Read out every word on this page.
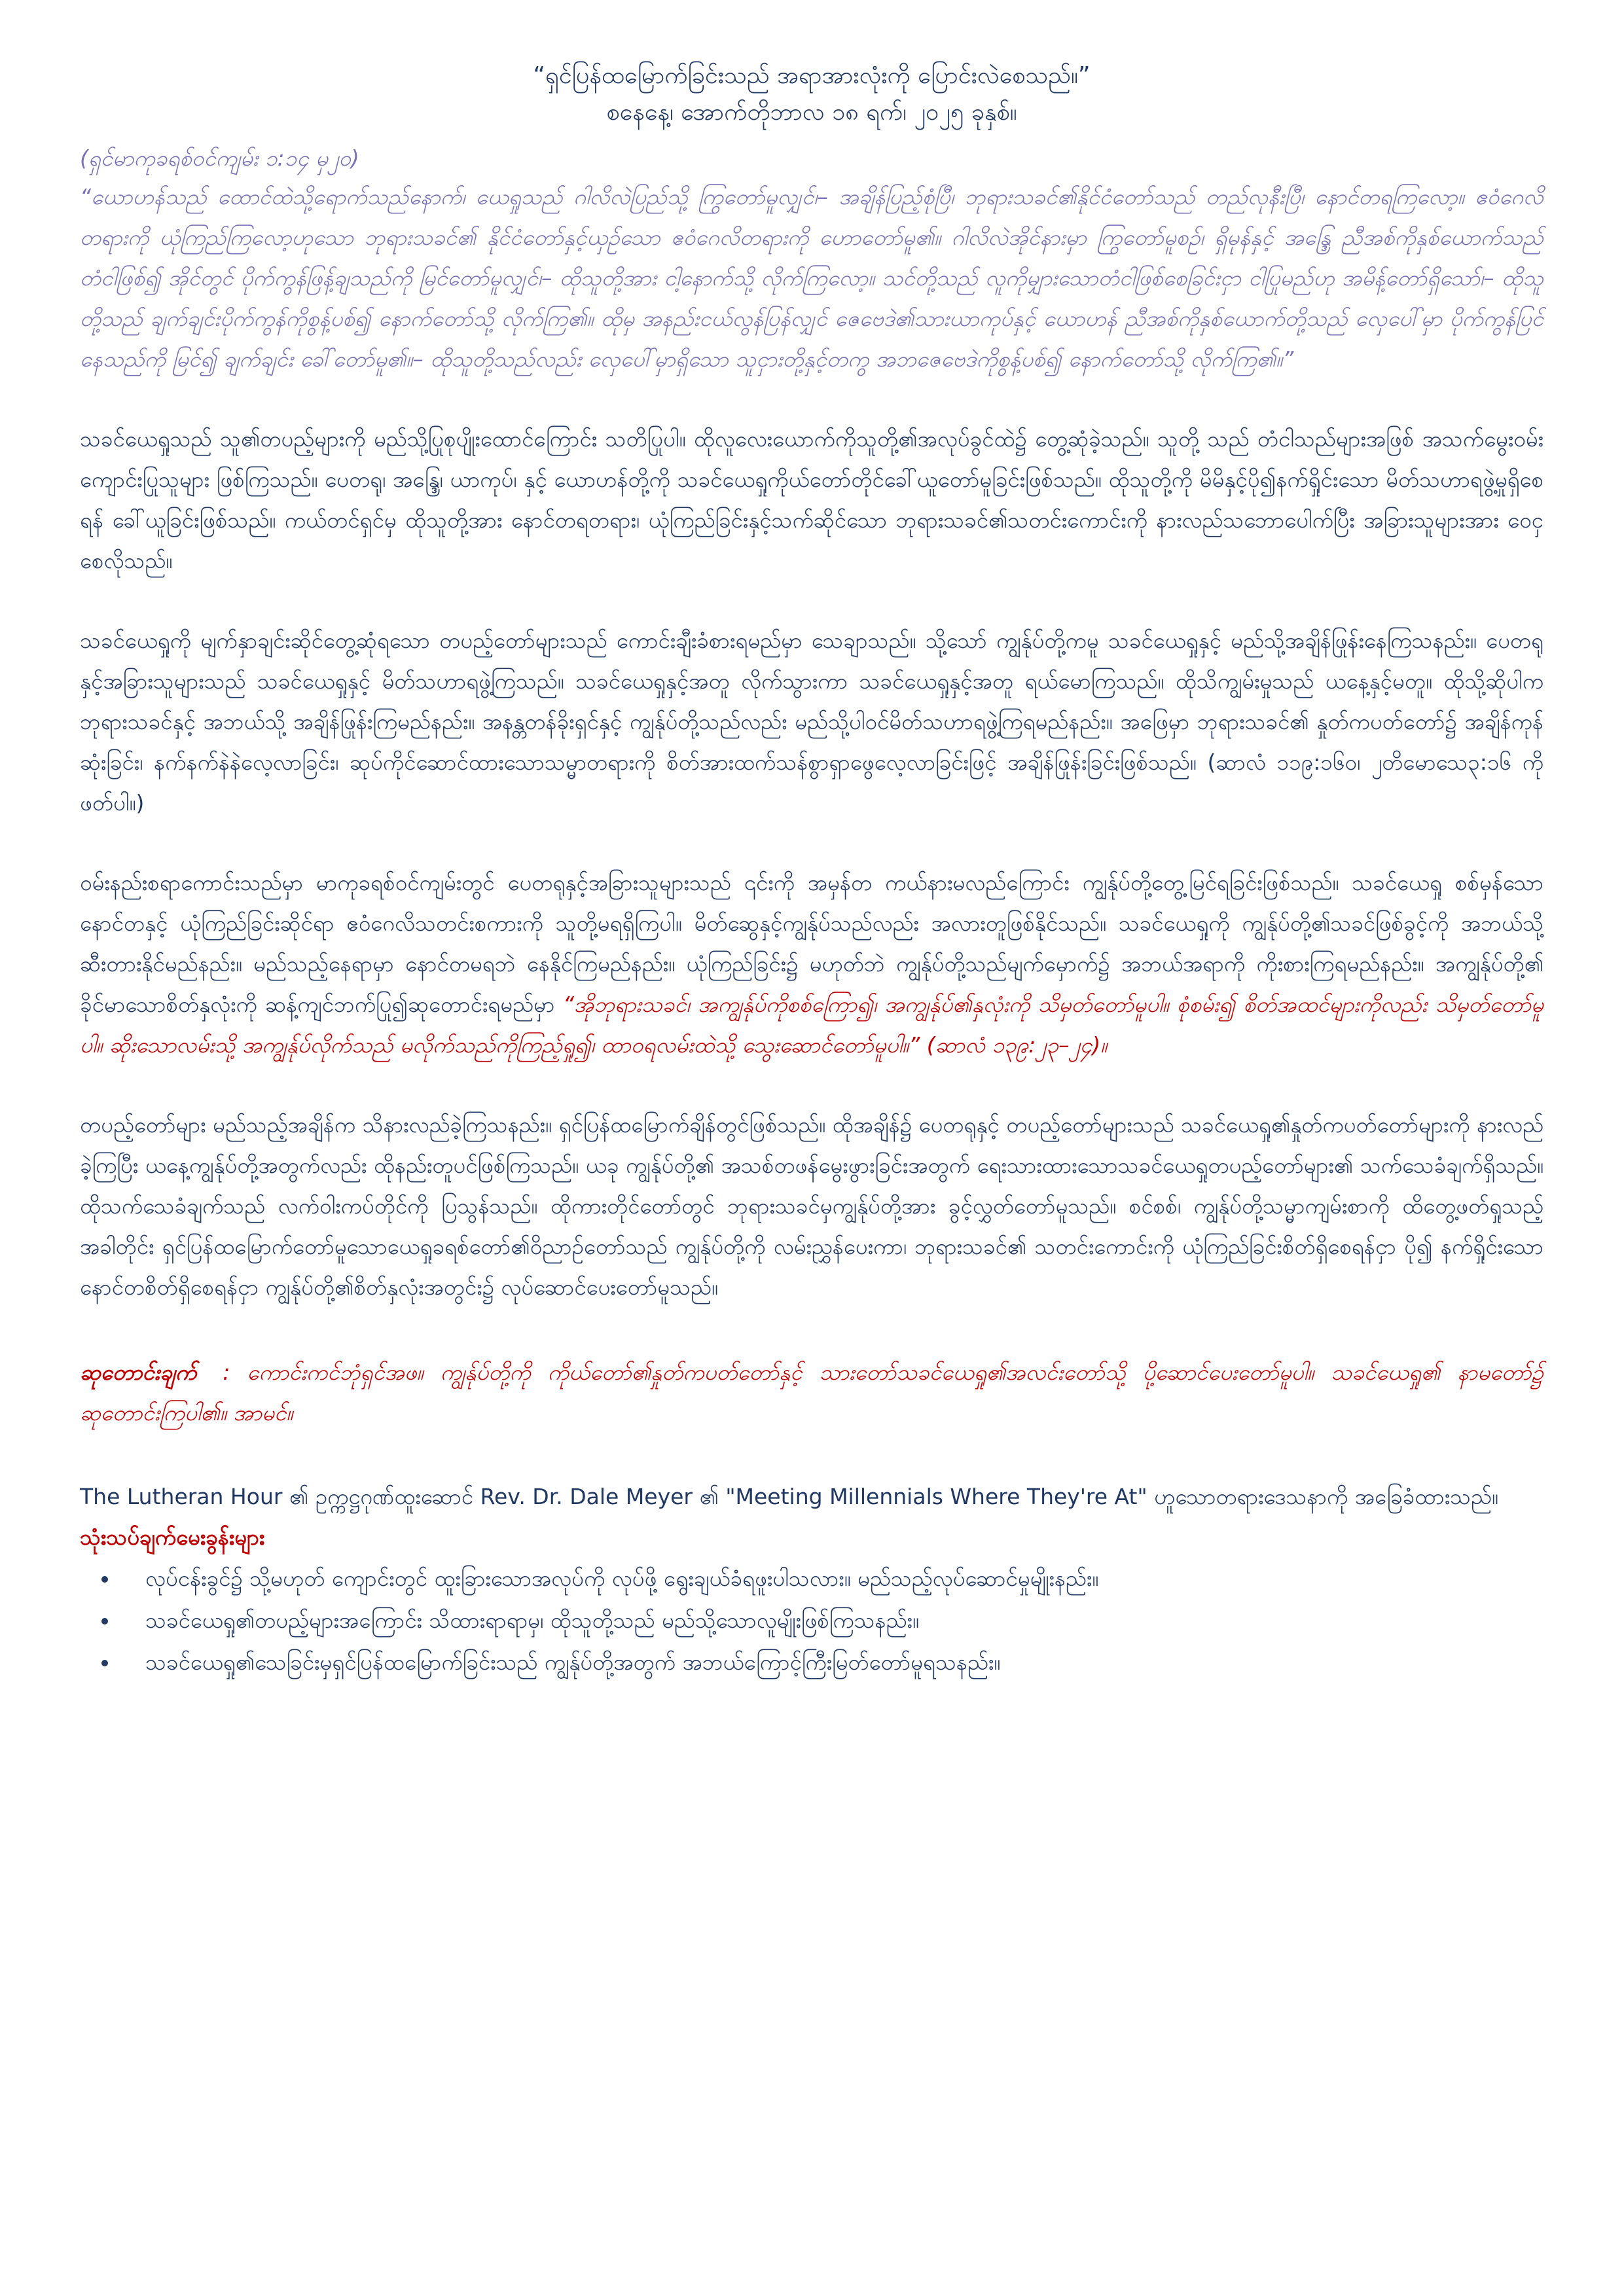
“ရှင်ပြန်ထမြောက်ခြင်းသည် အရာအားလုံးကို ပြောင်းလဲစေသည်။”
စနေနေ့၊ အောက်တိုဘာလ ၁၈ ရက်၊ ၂၀၂၅ ခုနှစ်။
(ရှင်မာကုခရစ်ဝင်ကျမ်း ၁:၁၄ မှ၂၀)
“ယောဟန်သည် ထောင်ထဲသို့ရောက်သည်နောက်၊ ယေရှုသည် ဂါလိလဲပြည်သို့ ကြွတော်မူလျှင်၊– အချိန်ပြည့်စုံပြီ၊ ဘုရားသခင်၏နိုင်ငံတော်သည် တည်လုနီးပြီ၊ နောင်တရကြလော့။ ဧဝံဂေလိတရားကို ယုံကြည်ကြလော့ဟုသော ဘုရားသခင်၏ နိုင်ငံတော်နှင့်ယှဉ်သော ဧဝံဂေလိတရားကို ဟောတော်မူ၏။ ဂါလိလဲအိုင်နားမှာ ကြွတော်မူစဉ်၊ ရှိမုန်နှင့် အန္ဒြေ ညီအစ်ကိုနှစ်ယောက်သည် တံငါဖြစ်၍ အိုင်တွင် ပိုက်ကွန်ဖြန့်ချသည်ကို မြင်တော်မူလျှင်၊– ထိုသူတို့အား ငါ့နောက်သို့ လိုက်ကြလော့။ သင်တို့သည် လူကိုမျှားသောတံငါဖြစ်စေခြင်းငှာ ငါပြုမည်ဟု အမိန့်တော်ရှိသော်၊– ထိုသူတို့သည် ချက်ချင်းပိုက်ကွန်ကိုစွန့်ပစ်၍ နောက်တော်သို့ လိုက်ကြ၏။ ထိုမှ အနည်းငယ်လွန်ပြန်လျှင် ဇေဗေဒဲ၏သားယာကုပ်နှင့် ယောဟန် ညီအစ်ကိုနှစ်ယောက်တို့သည် လှေပေါ်မှာ ပိုက်ကွန်ပြင်နေသည်ကို မြင်၍ ချက်ချင်း ခေါ်တော်မူ၏။– ထိုသူတို့သည်လည်း လှေပေါ်မှာရှိသော သူငှားတို့နှင့်တကွ အဘဇေဗေဒဲကိုစွန့်ပစ်၍ နောက်တော်သို့ လိုက်ကြ၏။”

သခင်ယေရှုသည် သူ၏တပည့်များကို မည်သို့ပြုစုပျိုးထောင်ကြောင်း သတိပြုပါ။ ထိုလူလေးယောက်ကိုသူတို့၏အလုပ်ခွင်ထဲ၌ တွေ့ဆုံခဲ့သည်။ သူတို့ သည် တံငါသည်များအဖြစ် အသက်မွေးဝမ်း ကျောင်းပြုသူများ ဖြစ်ကြသည်။ ပေတရု၊ အန္ဒြေ၊ ယာကုပ်၊ နှင့် ယောဟန်တို့ကို သခင်ယေရှုကိုယ်တော်တိုင်ခေါ်ယူတော်မူခြင်းဖြစ်သည်။ ထိုသူတို့ကို မိမိနှင့်ပို၍နက်ရှိုင်းသော မိတ်သဟာရဖွဲ့မှုရှိစေရန် ခေါ်ယူခြင်းဖြစ်သည်။ ကယ်တင်ရှင်မှ ထိုသူတို့အား နောင်တရတရား၊ ယုံကြည်ခြင်းနှင့်သက်ဆိုင်သော ဘုရားသခင်၏သတင်းကောင်းကို နားလည်သဘောပေါက်ပြီး အခြားသူများအား ဝေငှစေလိုသည်။

သခင်ယေရှုကို မျက်နှာချင်းဆိုင်တွေ့ဆုံရသော တပည့်တော်များသည် ကောင်းချီးခံစားရမည်မှာ သေချာသည်။ သို့သော် ကျွန်ုပ်တို့ကမူ သခင်ယေရှုနှင့် မည်သို့အချိန်ဖြုန်းနေကြသနည်း။ ပေတရုနှင့်အခြားသူများသည် သခင်ယေရှုနှင့် မိတ်သဟာရဖွဲ့ကြသည်။ သခင်ယေရှုနှင့်အတူ လိုက်သွားကာ သခင်ယေရှုနှင့်အတူ ရယ်မောကြသည်။ ထိုသိကျွမ်းမှုသည် ယနေ့နှင့်မတူ။ ထိုသို့ဆိုပါက ဘုရားသခင်နှင့် အဘယ်သို့ အချိန်ဖြုန်းကြမည်နည်း။ အနန္တတန်ခိုးရှင်နှင့် ကျွန်ုပ်တို့သည်လည်း မည်သို့ပါဝင်မိတ်သဟာရဖွဲ့ကြရမည်နည်း။ အဖြေမှာ ဘုရားသခင်၏ နှုတ်ကပတ်တော်၌ အချိန်ကုန်ဆုံးခြင်း၊ နက်နက်နဲနဲလေ့လာခြင်း၊ ဆုပ်ကိုင်ဆောင်ထားသောသမ္မာတရားကို စိတ်အားထက်သန်စွာရှာဖွေလေ့လာခြင်းဖြင့် အချိန်ဖြုန်းခြင်းဖြစ်သည်။ (ဆာလံ ၁၁၉:၁၆၀၊ ၂တိမောသေ၃:၁၆ ကိုဖတ်ပါ။)

ဝမ်းနည်းစရာကောင်းသည်မှာ မာကုခရစ်ဝင်ကျမ်းတွင် ပေတရုနှင့်အခြားသူများသည် ၎င်းကို အမှန်တ ကယ်နားမလည်ကြောင်း ကျွန်ုပ်တို့တွေ့မြင်ရခြင်းဖြစ်သည်။ သခင်ယေရှု စစ်မှန်သောနောင်တနှင့် ယုံကြည်ခြင်းဆိုင်ရာ ဧဝံဂေလိသတင်းစကားကို သူတို့မရရှိကြပါ။ မိတ်ဆွေနှင့်ကျွန်ုပ်သည်လည်း အလားတူဖြစ်နိုင်သည်။ သခင်ယေရှုကို ကျွန်ုပ်တို့၏သခင်ဖြစ်ခွင့်ကို အဘယ်သို့ ဆီးတားနိုင်မည်နည်း။ မည်သည့်နေရာမှာ နောင်တမရဘဲ နေနိုင်ကြမည်နည်း။ ယုံကြည်ခြင်း၌ မဟုတ်ဘဲ ကျွန်ုပ်တို့သည်မျက်မှောက်၌ အဘယ်အရာကို ကိုးစားကြရမည်နည်း။ အကျွန်ုပ်တို့၏ ခိုင်မာသောစိတ်နှလုံးကို ဆန့်ကျင်ဘက်ပြု၍ဆုတောင်းရမည်မှာ “အိုဘုရားသခင်၊ အကျွန်ုပ်ကိုစစ်ကြော၍၊ အကျွန်ုပ်၏နှလုံးကို သိမှတ်တော်မူပါ။ စုံစမ်း၍ စိတ်အထင်များကိုလည်း သိမှတ်တော်မူပါ။ ဆိုးသောလမ်းသို့ အကျွန်ုပ်လိုက်သည် မလိုက်သည်ကိုကြည့်ရှု၍၊ ထာဝရလမ်းထဲသို့ သွေးဆောင်တော်မူပါ။” (ဆာလံ ၁၃၉:၂၃–၂၄)။

တပည့်တော်များ မည်သည့်အချိန်က သိနားလည်ခဲ့ကြသနည်း။ ရှင်ပြန်ထမြောက်ချိန်တွင်ဖြစ်သည်။ ထိုအချိန်၌ ပေတရုနှင့် တပည့်တော်များသည် သခင်ယေရှု၏နှုတ်ကပတ်တော်များကို နားလည်ခဲ့ကြပြီး ယနေ့ကျွန်ုပ်တို့အတွက်လည်း ထိုနည်းတူပင်ဖြစ်ကြသည်။ ယခု ကျွန်ုပ်တို့၏ အသစ်တဖန်မွေးဖွားခြင်းအတွက် ရေးသားထားသောသခင်ယေရှုတပည့်တော်များ၏ သက်သေခံချက်ရှိသည်။ ထိုသက်သေခံချက်သည် လက်ဝါးကပ်တိုင်ကို ပြသွန်သည်။ ထိုကားတိုင်တော်တွင် ဘုရားသခင်မှကျွန်ုပ်တို့အား ခွင့်လွှတ်တော်မူသည်။ စင်စစ်၊ ကျွန်ုပ်တို့သမ္မာကျမ်းစာကို ထိတွေ့ဖတ်ရှုသည့်အခါတိုင်း ရှင်ပြန်ထမြောက်တော်မူသောယေရှုခရစ်တော်၏ဝိညာဉ်တော်သည် ကျွန်ုပ်တို့ကို လမ်းညွှန်ပေးကာ၊ ဘုရားသခင်၏ သတင်းကောင်းကို ယုံကြည်ခြင်းစိတ်ရှိစေရန်ငှာ ပို၍ နက်ရှိုင်းသောနောင်တစိတ်ရှိစေရန်ငှာ ကျွန်ုပ်တို့၏စိတ်နှလုံးအတွင်း၌ လုပ်ဆောင်ပေးတော်မူသည်။

ဆုတောင်းချက် : ကောင်းကင်ဘုံရှင်အဖ။ ကျွန်ုပ်တို့ကို ကိုယ်တော်၏နှုတ်ကပတ်တော်နှင့် သားတော်သခင်ယေရှု၏အလင်းတော်သို့ ပို့ဆောင်ပေးတော်မူပါ။ သခင်ယေရှု၏ နာမတော်၌ ဆုတောင်းကြပါ၏။ အာမင်။
The Lutheran Hour ၏ ဥက္ကဋ္ဌဂုဏ်ထူးဆောင် Rev. Dr. Dale Meyer ၏ "Meeting Millennials Where They're At" ဟူသောတရားဒေသနာကို အခြေခံထားသည်။
သုံးသပ်ချက်မေးခွန်းများ
• လုပ်ငန်းခွင်၌ သို့မဟုတ် ကျောင်းတွင် ထူးခြားသောအလုပ်ကို လုပ်ဖို့ ရွေးချယ်ခံရဖူးပါသလား။ မည်သည့်လုပ်ဆောင်မှုမျိုးနည်း။
• သခင်ယေရှု၏တပည့်များအကြောင်း သိထားရာရာမှ၊ ထိုသူတို့သည် မည်သို့သောလူမျိုးဖြစ်ကြသနည်း။
• သခင်ယေရှု၏သေခြင်းမှရှင်ပြန်ထမြောက်ခြင်းသည် ကျွန်ုပ်တို့အတွက် အဘယ်ကြောင့်ကြီးမြတ်တော်မူရသနည်း။
